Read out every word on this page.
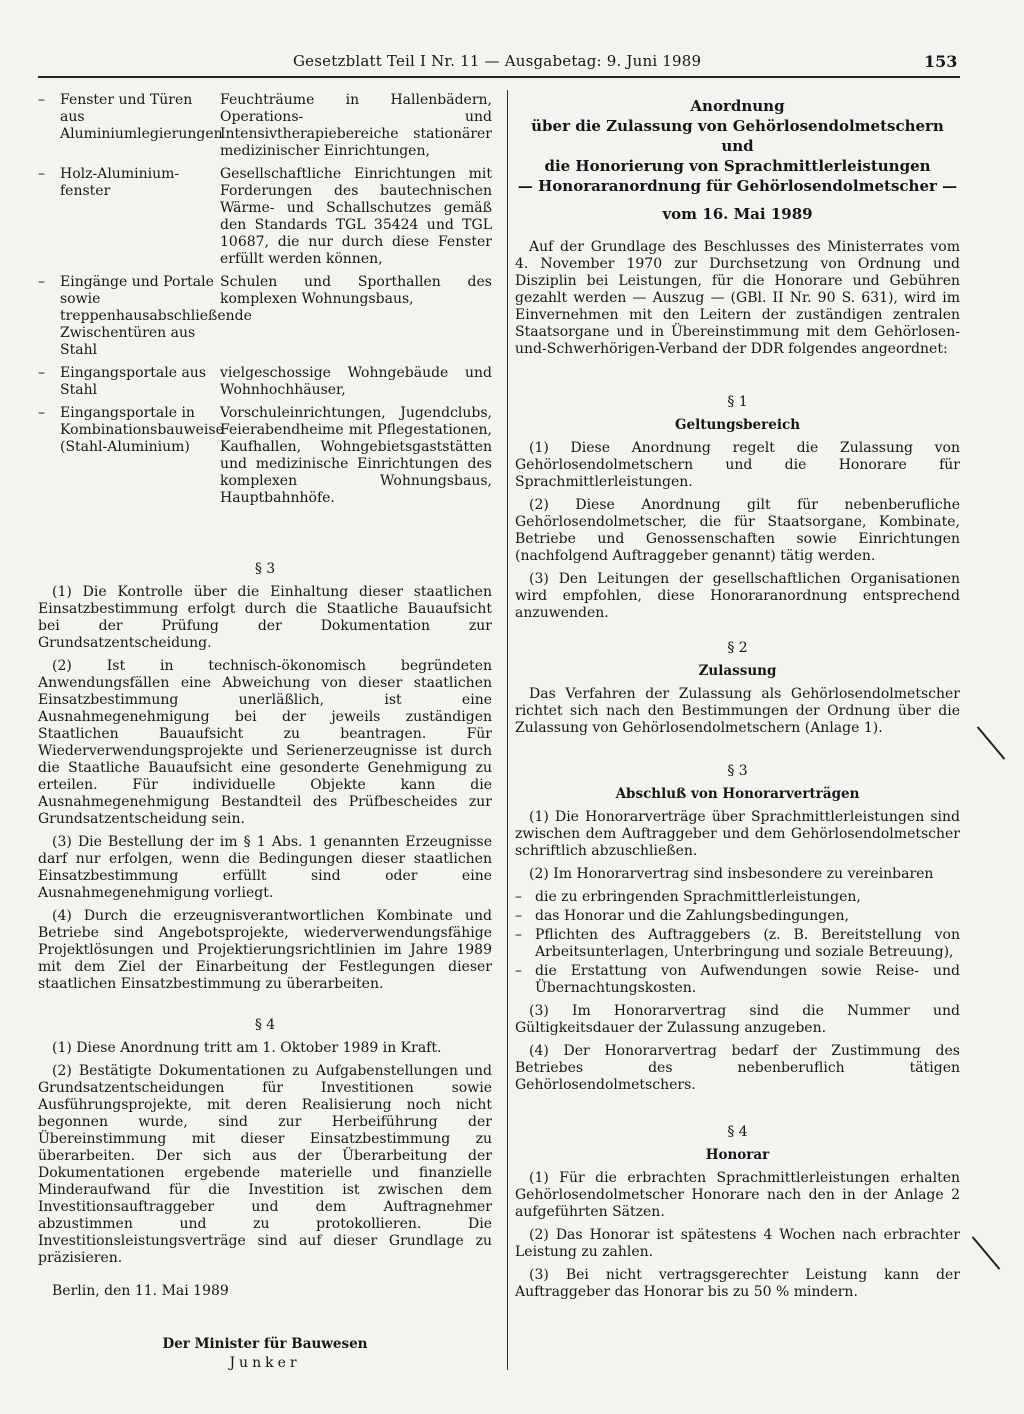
Gesetzblatt Teil I Nr. 11 — Ausgabetag: 9. Juni 1989	153
–	Fenster und Türen aus Aluminiumlegierungen
Feuchträume in Hallenbädern, Operations- und Intensivtherapiebereiche stationärer medizinischer Einrichtungen,
–	Holz-Aluminium-fenster
Gesellschaftliche Einrichtungen mit Forderungen des bautechnischen Wärme- und Schallschutzes gemäß den Standards TGL 35424 und TGL 10687, die nur durch diese Fenster erfüllt werden können,
–	Eingänge und Portale sowie treppenhausabschließende Zwischentüren aus Stahl
Schulen und Sporthallen des komplexen Wohnungsbaus,
–	Eingangsportale aus Stahl
vielgeschossige Wohngebäude und Wohnhochhäuser,
–	Eingangsportale in Kombinationsbauweise (Stahl-Aluminium)
Vorschuleinrichtungen, Jugendclubs, Feierabendheime mit Pflegestationen, Kaufhallen, Wohngebietsgaststätten und medizinische Einrichtungen des komplexen Wohnungsbaus, Hauptbahnhöfe.
§ 3

(1) Die Kontrolle über die Einhaltung dieser staatlichen Einsatzbestimmung erfolgt durch die Staatliche Bauaufsicht bei der Prüfung der Dokumentation zur Grundsatzentscheidung.

(2) Ist in technisch-ökonomisch begründeten Anwendungsfällen eine Abweichung von dieser staatlichen Einsatzbestimmung unerläßlich, ist eine Ausnahmegenehmigung bei der jeweils zuständigen Staatlichen Bauaufsicht zu beantragen. Für Wiederverwendungsprojekte und Serienerzeugnisse ist durch die Staatliche Bauaufsicht eine gesonderte Genehmigung zu erteilen. Für individuelle Objekte kann die Ausnahmegenehmigung Bestandteil des Prüfbescheides zur Grundsatzentscheidung sein.

(3) Die Bestellung der im § 1 Abs. 1 genannten Erzeugnisse darf nur erfolgen, wenn die Bedingungen dieser staatlichen Einsatzbestimmung erfüllt sind oder eine Ausnahmegenehmigung vorliegt.

(4) Durch die erzeugnisverantwortlichen Kombinate und Betriebe sind Angebotsprojekte, wiederverwendungsfähige Projektlösungen und Projektierungsrichtlinien im Jahre 1989 mit dem Ziel der Einarbeitung der Festlegungen dieser staatlichen Einsatzbestimmung zu überarbeiten.

§ 4

(1) Diese Anordnung tritt am 1. Oktober 1989 in Kraft.

(2) Bestätigte Dokumentationen zu Aufgabenstellungen und Grundsatzentscheidungen für Investitionen sowie Ausführungsprojekte, mit deren Realisierung noch nicht begonnen wurde, sind zur Herbeiführung der Übereinstimmung mit dieser Einsatzbestimmung zu überarbeiten. Der sich aus der Überarbeitung der Dokumentationen ergebende materielle und finanzielle Minderaufwand für die Investition ist zwischen dem Investitionsauftraggeber und dem Auftragnehmer abzustimmen und zu protokollieren. Die Investitionsleistungsverträge sind auf dieser Grundlage zu präzisieren.

Berlin, den 11. Mai 1989

Der Minister für Bauwesen
Junker
Anordnung
über die Zulassung von Gehörlosendolmetschern und
die Honorierung von Sprachmittlerleistungen
— Honoraranordnung für Gehörlosendolmetscher —
vom 16. Mai 1989

Auf der Grundlage des Beschlusses des Ministerrates vom 4. November 1970 zur Durchsetzung von Ordnung und Disziplin bei Leistungen, für die Honorare und Gebühren gezahlt werden — Auszug — (GBl. II Nr. 90 S. 631), wird im Einvernehmen mit den Leitern der zuständigen zentralen Staatsorgane und in Übereinstimmung mit dem Gehörlosen-und-Schwerhörigen-Verband der DDR folgendes angeordnet:

§ 1
Geltungsbereich

(1) Diese Anordnung regelt die Zulassung von Gehörlosendolmetschern und die Honorare für Sprachmittlerleistungen.

(2) Diese Anordnung gilt für nebenberufliche Gehörlosendolmetscher, die für Staatsorgane, Kombinate, Betriebe und Genossenschaften sowie Einrichtungen (nachfolgend Auftraggeber genannt) tätig werden.

(3) Den Leitungen der gesellschaftlichen Organisationen wird empfohlen, diese Honoraranordnung entsprechend anzuwenden.

§ 2
Zulassung

Das Verfahren der Zulassung als Gehörlosendolmetscher richtet sich nach den Bestimmungen der Ordnung über die Zulassung von Gehörlosendolmetschern (Anlage 1).

§ 3
Abschluß von Honorarverträgen

(1) Die Honorarverträge über Sprachmittlerleistungen sind zwischen dem Auftraggeber und dem Gehörlosendolmetscher schriftlich abzuschließen.

(2) Im Honorarvertrag sind insbesondere zu vereinbaren

– die zu erbringenden Sprachmittlerleistungen,
– das Honorar und die Zahlungsbedingungen,
– Pflichten des Auftraggebers (z. B. Bereitstellung von Arbeitsunterlagen, Unterbringung und soziale Betreuung),
– die Erstattung von Aufwendungen sowie Reise- und Übernachtungskosten.

(3) Im Honorarvertrag sind die Nummer und Gültigkeitsdauer der Zulassung anzugeben.

(4) Der Honorarvertrag bedarf der Zustimmung des Betriebes des nebenberuflich tätigen Gehörlosendolmetschers.

§ 4
Honorar

(1) Für die erbrachten Sprachmittlerleistungen erhalten Gehörlosendolmetscher Honorare nach den in der Anlage 2 aufgeführten Sätzen.

(2) Das Honorar ist spätestens 4 Wochen nach erbrachter Leistung zu zahlen.

(3) Bei nicht vertragsgerechter Leistung kann der Auftraggeber das Honorar bis zu 50 % mindern.
